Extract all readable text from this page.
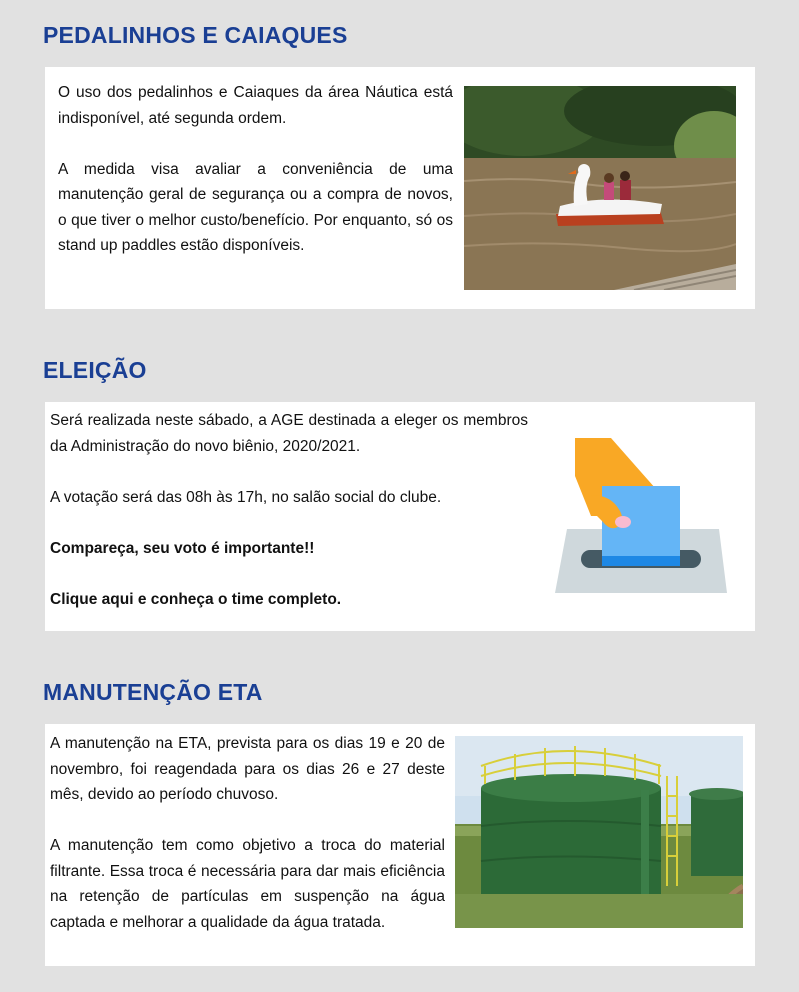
PEDALINHOS E CAIAQUES

O uso dos pedalinhos e Caiaques da área Náutica está indisponível, até segunda ordem.

A medida visa avaliar a conveniência de uma manutenção geral de segurança ou a compra de novos, o que tiver o melhor custo/benefício. Por enquanto, só os stand up paddles estão disponíveis.

ELEIÇÃO

Será realizada neste sábado, a AGE destinada a eleger os membros da Administração do novo biênio, 2020/2021.

A votação será das 08h às 17h, no salão social do clube.

Compareça, seu voto é importante!!

Clique aqui e conheça o time completo.

MANUTENÇÃO ETA

A manutenção na ETA, prevista para os dias 19 e 20 de novembro, foi reagendada para os dias 26 e 27 deste mês, devido ao período chuvoso.

A manutenção tem como objetivo a troca do material filtrante. Essa troca é necessária para dar mais eficiência na retenção de partículas em suspenção na água captada e melhorar a qualidade da água tratada.
